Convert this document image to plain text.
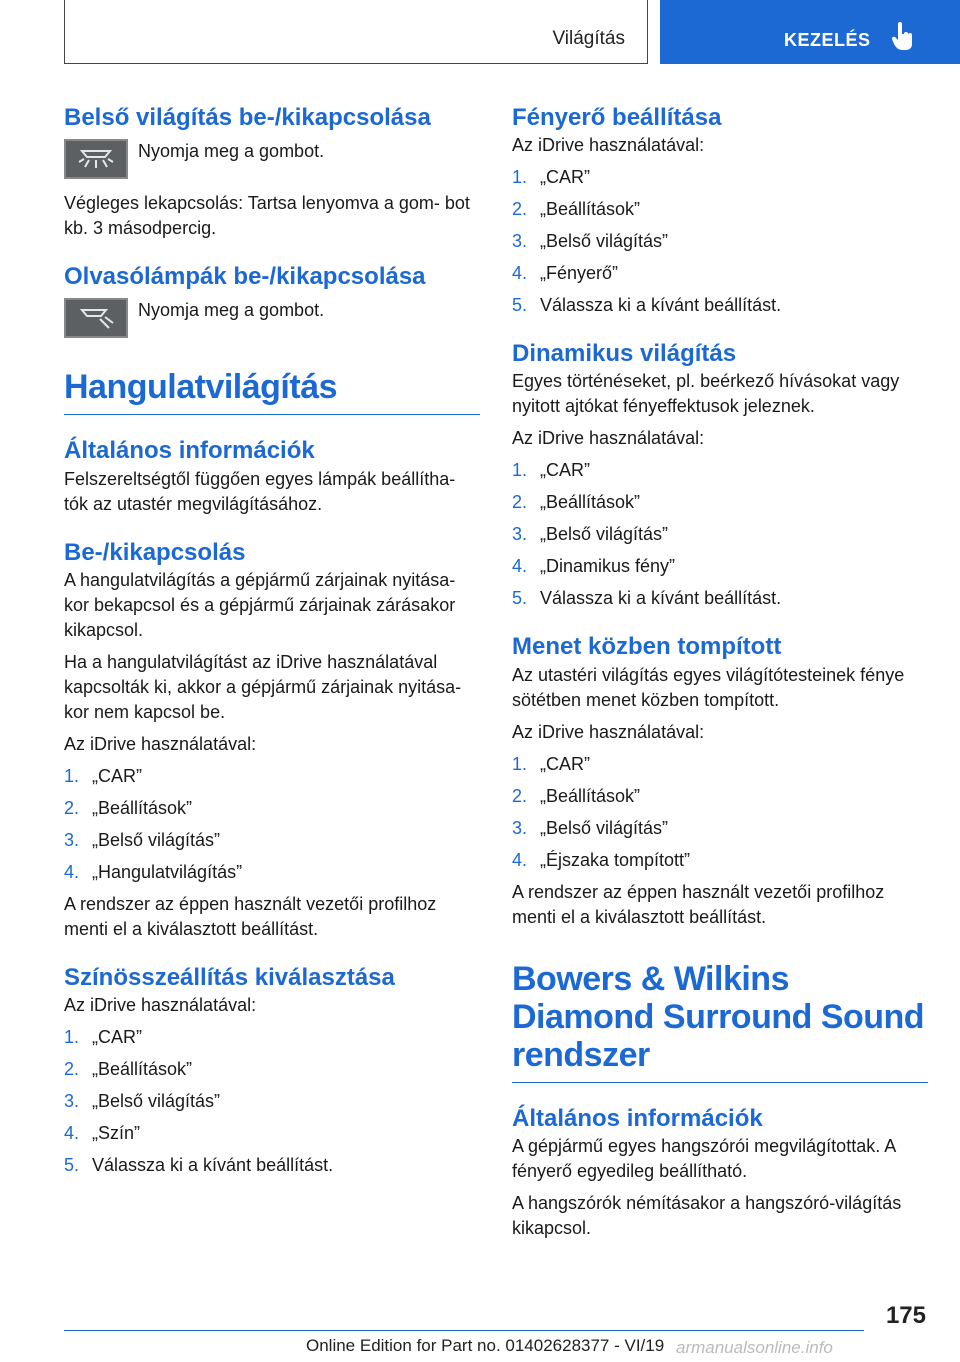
Világítás	KEZELÉS
Belső világítás be-/kikapcsolása

Nyomja meg a gombot.

Végleges lekapcsolás: Tartsa lenyomva a gom‐ bot kb. 3 másodpercig.

Olvasólámpák be-/kikapcsolása

Nyomja meg a gombot.

Hangulatvilágítás
Általános információk

Felszereltségtől függően egyes lámpák beállítha‐ tók az utastér megvilágításához.

Be-/kikapcsolás

A hangulatvilágítás a gépjármű zárjainak nyitása‐ kor bekapcsol és a gépjármű zárjainak zárásakor kikapcsol.

Ha a hangulatvilágítást az iDrive használatával kapcsolták ki, akkor a gépjármű zárjainak nyitása‐ kor nem kapcsol be.

Az iDrive használatával:

1. „CAR”
2. „Beállítások”
3. „Belső világítás”
4. „Hangulatvilágítás”

A rendszer az éppen használt vezetői profilhoz menti el a kiválasztott beállítást.

Színösszeállítás kiválasztása

Az iDrive használatával:

1. „CAR”
2. „Beállítások”
3. „Belső világítás”
4. „Szín”
5. Válassza ki a kívánt beállítást.
Fényerő beállítása

Az iDrive használatával:

1. „CAR”
2. „Beállítások”
3. „Belső világítás”
4. „Fényerő”
5. Válassza ki a kívánt beállítást.
Dinamikus világítás

Egyes történéseket, pl. beérkező hívásokat vagy nyitott ajtókat fényeffektusok jeleznek.

Az iDrive használatával:

1. „CAR”
2. „Beállítások”
3. „Belső világítás”
4. „Dinamikus fény”
5. Válassza ki a kívánt beállítást.
Menet közben tompított

Az utastéri világítás egyes világítótesteinek fénye sötétben menet közben tompított.

Az iDrive használatával:

1. „CAR”
2. „Beállítások”
3. „Belső világítás”
4. „Éjszaka tompított”

A rendszer az éppen használt vezetői profilhoz menti el a kiválasztott beállítást.

Bowers & Wilkins Diamond Surround Sound rendszer
Általános információk

A gépjármű egyes hangszórói megvilágítottak. A fényerő egyedileg beállítható.

A hangszórók némításakor a hangszóró-világítás kikapcsol.

175
Online Edition for Part no. 01402628377 - VI/19 armanualsonline.info
